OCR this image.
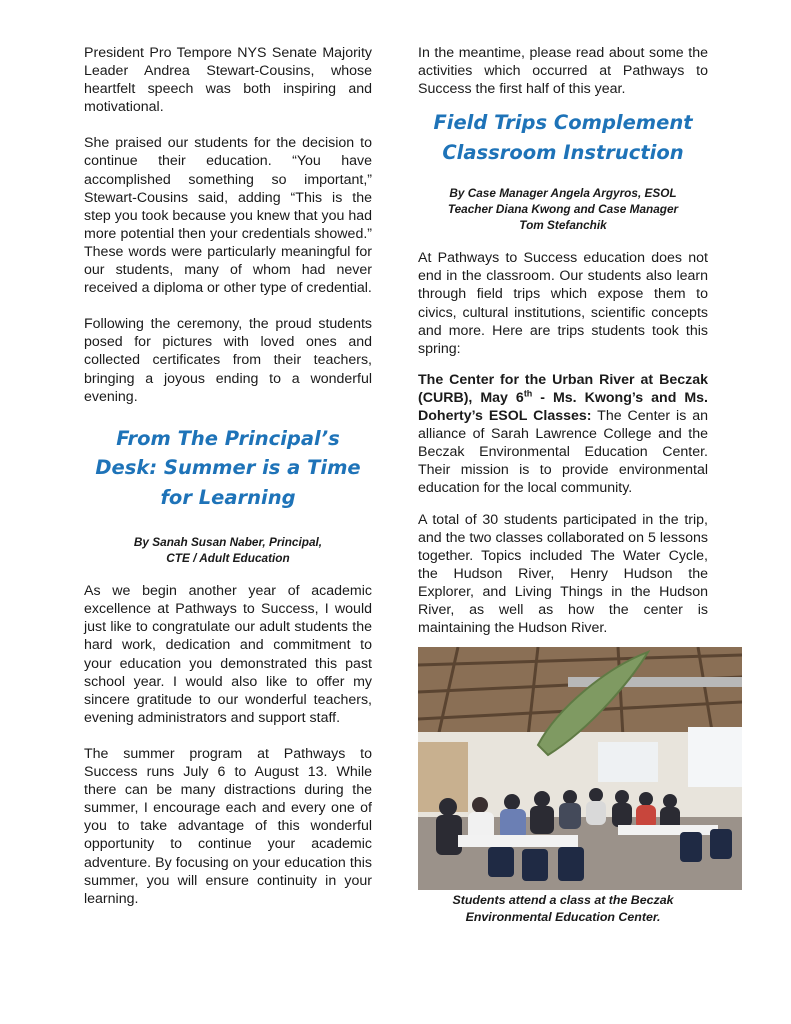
President Pro Tempore NYS Senate Majority Leader Andrea Stewart-Cousins, whose heartfelt speech was both inspiring and motivational.

She praised our students for the decision to continue their education. “You have accomplished something so important,” Stewart-Cousins said, adding “This is the step you took because you knew that you had more potential then your credentials showed.” These words were particularly meaningful for our students, many of whom had never received a diploma or other type of credential.

Following the ceremony, the proud students posed for pictures with loved ones and collected certificates from their teachers, bringing a joyous ending to a wonderful evening.

From The Principal’s Desk: Summer is a Time for Learning
By Sanah Susan Naber, Principal,
CTE / Adult Education

As we begin another year of academic excellence at Pathways to Success, I would just like to congratulate our adult students the hard work, dedication and commitment to your education you demonstrated this past school year. I would also like to offer my sincere gratitude to our wonderful teachers, evening administrators and support staff.

The summer program at Pathways to Success runs July 6 to August 13. While there can be many distractions during the summer, I encourage each and every one of you to take advantage of this wonderful opportunity to continue your academic adventure. By focusing on your education this summer, you will ensure continuity in your learning.

In the meantime, please read about some the activities which occurred at Pathways to Success the first half of this year.

Field Trips Complement
Classroom Instruction
By Case Manager Angela Argyros, ESOL
Teacher Diana Kwong and Case Manager
Tom Stefanchik

At Pathways to Success education does not end in the classroom. Our students also learn through field trips which expose them to civics, cultural institutions, scientific concepts and more. Here are trips students took this spring:

The Center for the Urban River at Beczak (CURB), May 6th - Ms. Kwong’s and Ms. Doherty’s ESOL Classes: The Center is an alliance of Sarah Lawrence College and the Beczak Environmental Education Center. Their mission is to provide environmental education for the local community.

A total of 30 students participated in the trip, and the two classes collaborated on 5 lessons together. Topics included The Water Cycle, the Hudson River, Henry Hudson the Explorer, and Living Things in the Hudson River, as well as how the center is maintaining the Hudson River.

Students attend a class at the Beczak
Environmental Education Center.
